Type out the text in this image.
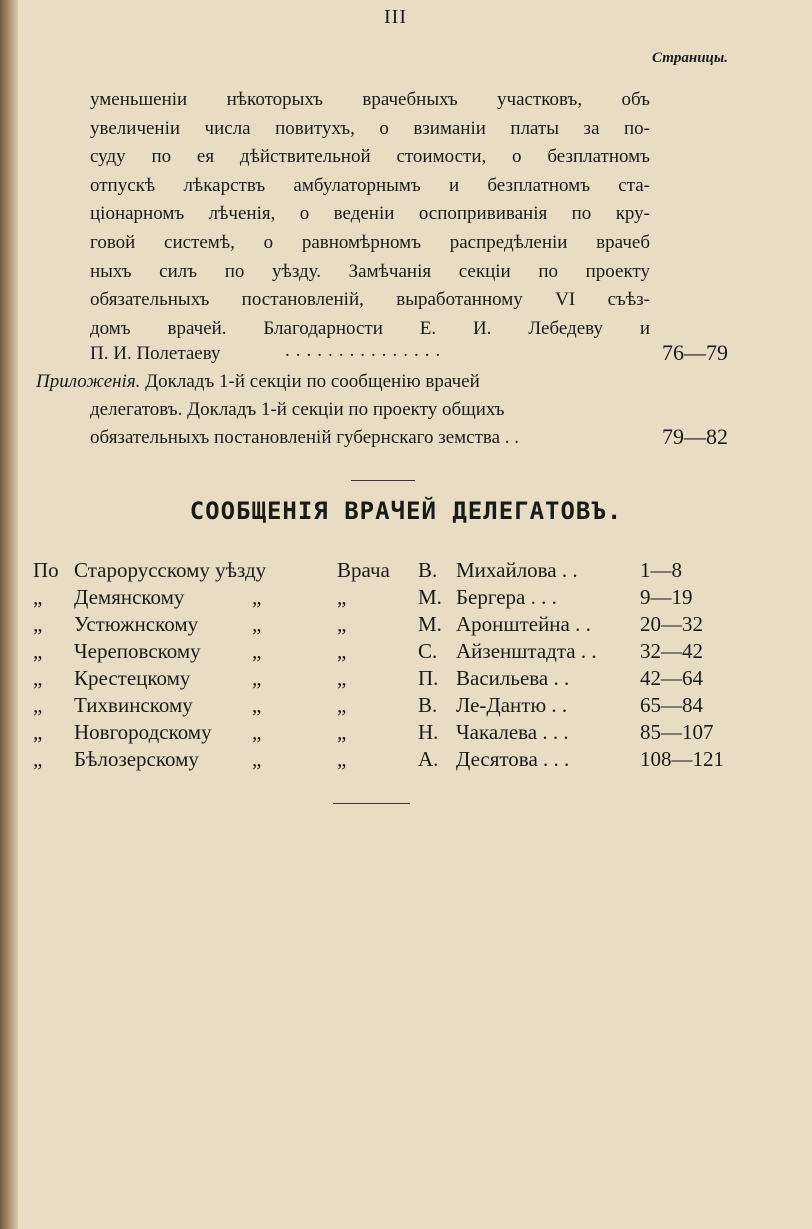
III
Страницы.
уменьшеніи нѣкоторыхъ врачебныхъ участковъ, объ
увеличеніи числа повитухъ, о взиманіи платы за по-
суду по ея дѣйствительной стоимости, о безплатномъ
отпускѣ лѣкарствъ амбулаторнымъ и безплатномъ ста-
ціонарномъ лѣченія, о веденіи оспопрививанія по кру-
говой системѣ, о равномѣрномъ распредѣленіи врачеб
ныхъ силъ по уѣзду. Замѣчанія секціи по проекту
обязательныхъ постановленій, выработанному VI съѣз-
домъ врачей. Благодарности Е. И. Лебедеву и
П. И. Полетаеву	...............	76—79
Приложенія. Докладъ 1-й секціи по сообщенію врачей
делегатовъ. Докладъ 1-й секціи по проекту общихъ
обязательныхъ постановленій губернскаго земства . .	79—82
СООБЩЕНІЯ ВРАЧЕЙ ДЕЛЕГАТОВЪ.
По Старорусскому уѣзду	Врача В. Михайлова . .	1—8
„ Демянскому	„	„	М. Бергера . . .	9—19
„ Устюжнскому	„	„	М. Аронштейна . . 20—32
„ Череповскому „	„	С. Айзенштадта . . 32—42
„ Крестецкому	„	„	П. Васильева . .	42—64
„ Тихвинскому	„	„	В. Ле-Дантю . .	65—84
„ Новгородскому „	„	Н. Чакалева . . .	85—107
„ Бѣлозерскому	„	„	А. Десятова . . .	108—121
